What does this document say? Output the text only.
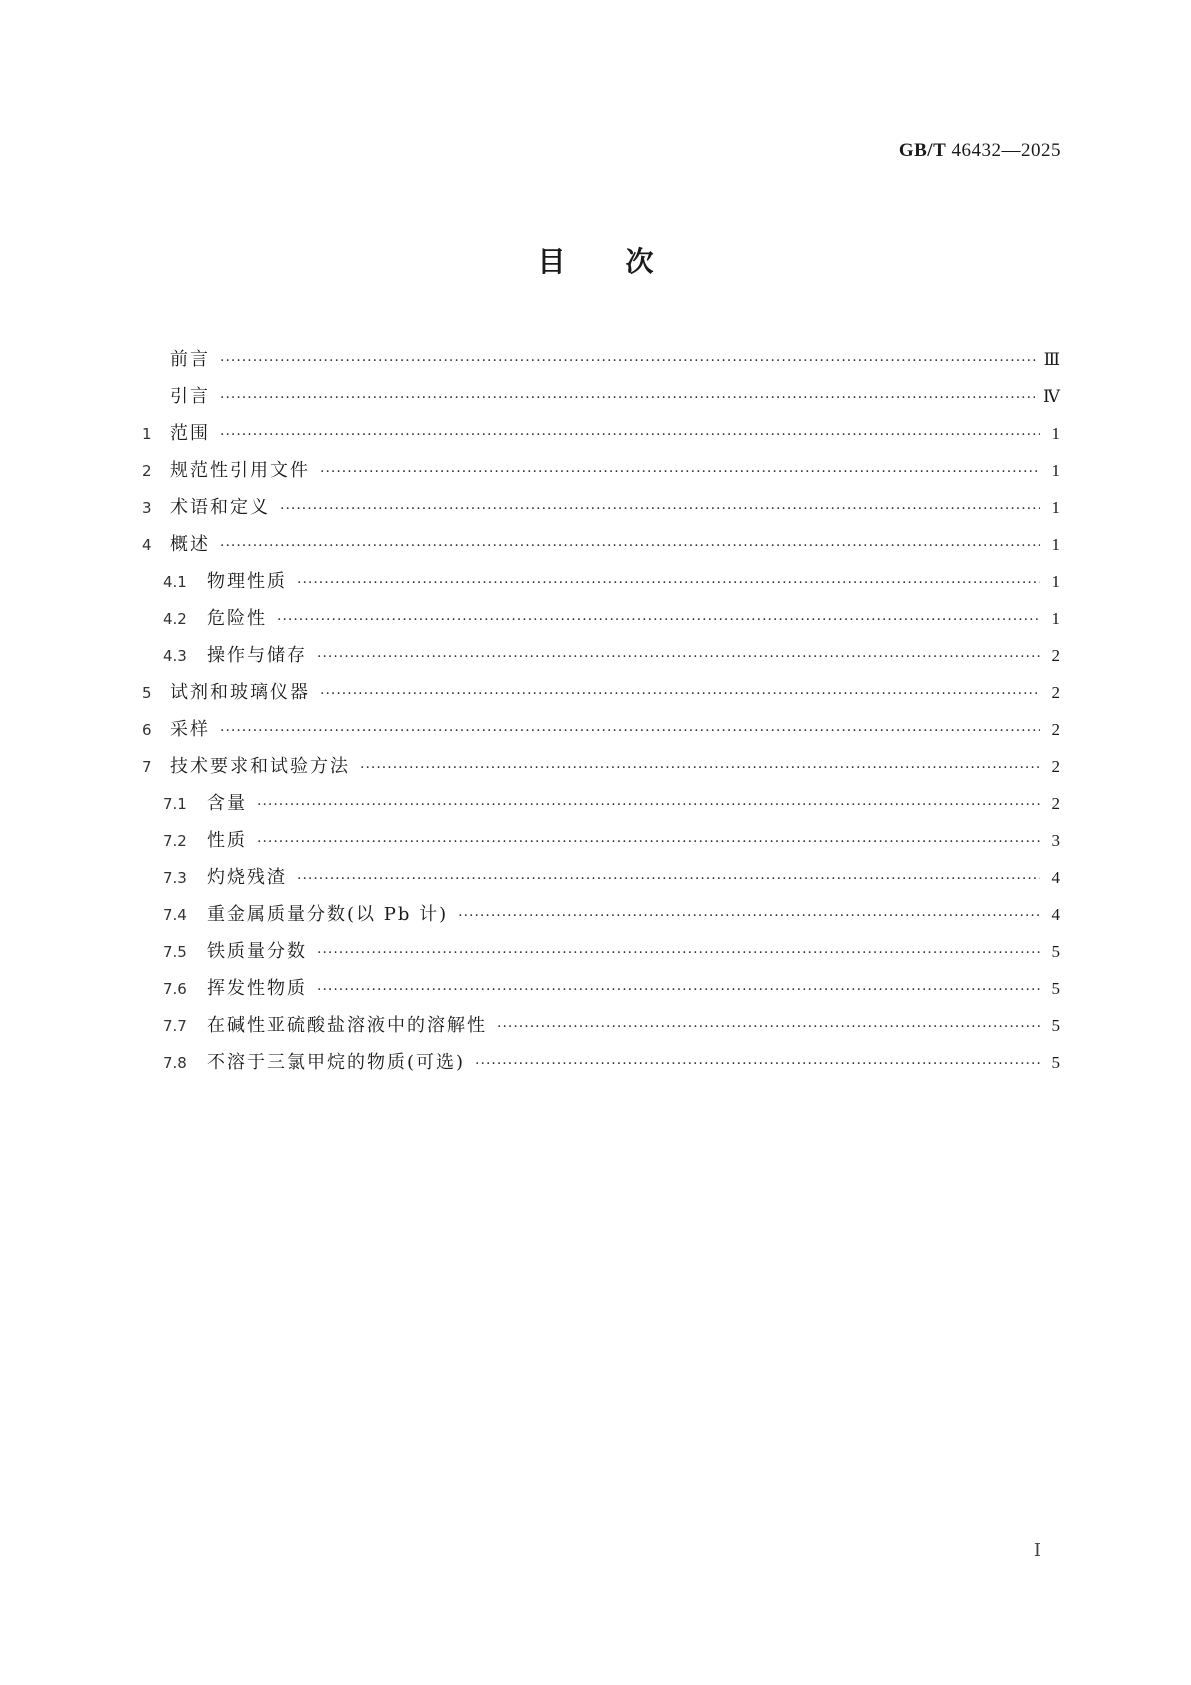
GB/T 46432—2025
目次
前言 ·····	Ⅲ
引言 ·····	Ⅳ
1	范围 ·····	1
2	规范性引用文件 ·····	1
3	术语和定义 ·····	1
4	概述 ·····	1
4.1	物理性质 ·····	1
4.2	危险性 ·····	1
4.3	操作与储存 ·····	2
5	试剂和玻璃仪器 ·····	2
6	采样 ·····	2
7	技术要求和试验方法 ·····	2
7.1	含量 ·····	2
7.2	性质 ·····	3
7.3	灼烧残渣 ·····	4
7.4	重金属质量分数(以 Pb 计) ·····	4
7.5	铁质量分数 ·····	5
7.6	挥发性物质 ·····	5
7.7	在碱性亚硫酸盐溶液中的溶解性 ·····	5
7.8	不溶于三氯甲烷的物质(可选) ·····	5
Ⅰ
